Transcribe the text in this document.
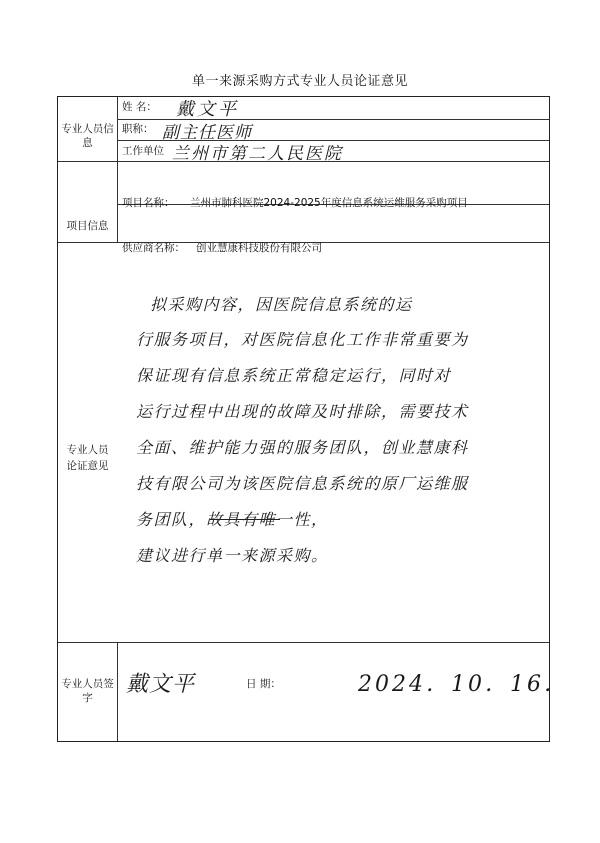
单一来源采购方式专业人员论证意见
专业人员信息
姓 名： 戴文平
职称： 副主任医师
工作单位 兰州市第二人民医院
项目信息
项目名称： 兰州市肺科医院2024-2025年度信息系统运维服务采购项目
供应商名称： 创业慧康科技股份有限公司
专业人员
论证意见
拟采购内容，因医院信息系统的运
行服务项目，对医院信息化工作非常重要为
保证现有信息系统正常稳定运行，同时对
运行过程中出现的故障及时排除，需要技术
全面、维护能力强的服务团队，创业慧康科
技有限公司为该医院信息系统的原厂运维服
务团队，故具有唯一性，
建议进行单一来源采购。
专业人员签字
戴文平	日 期：	2024．10．16．
